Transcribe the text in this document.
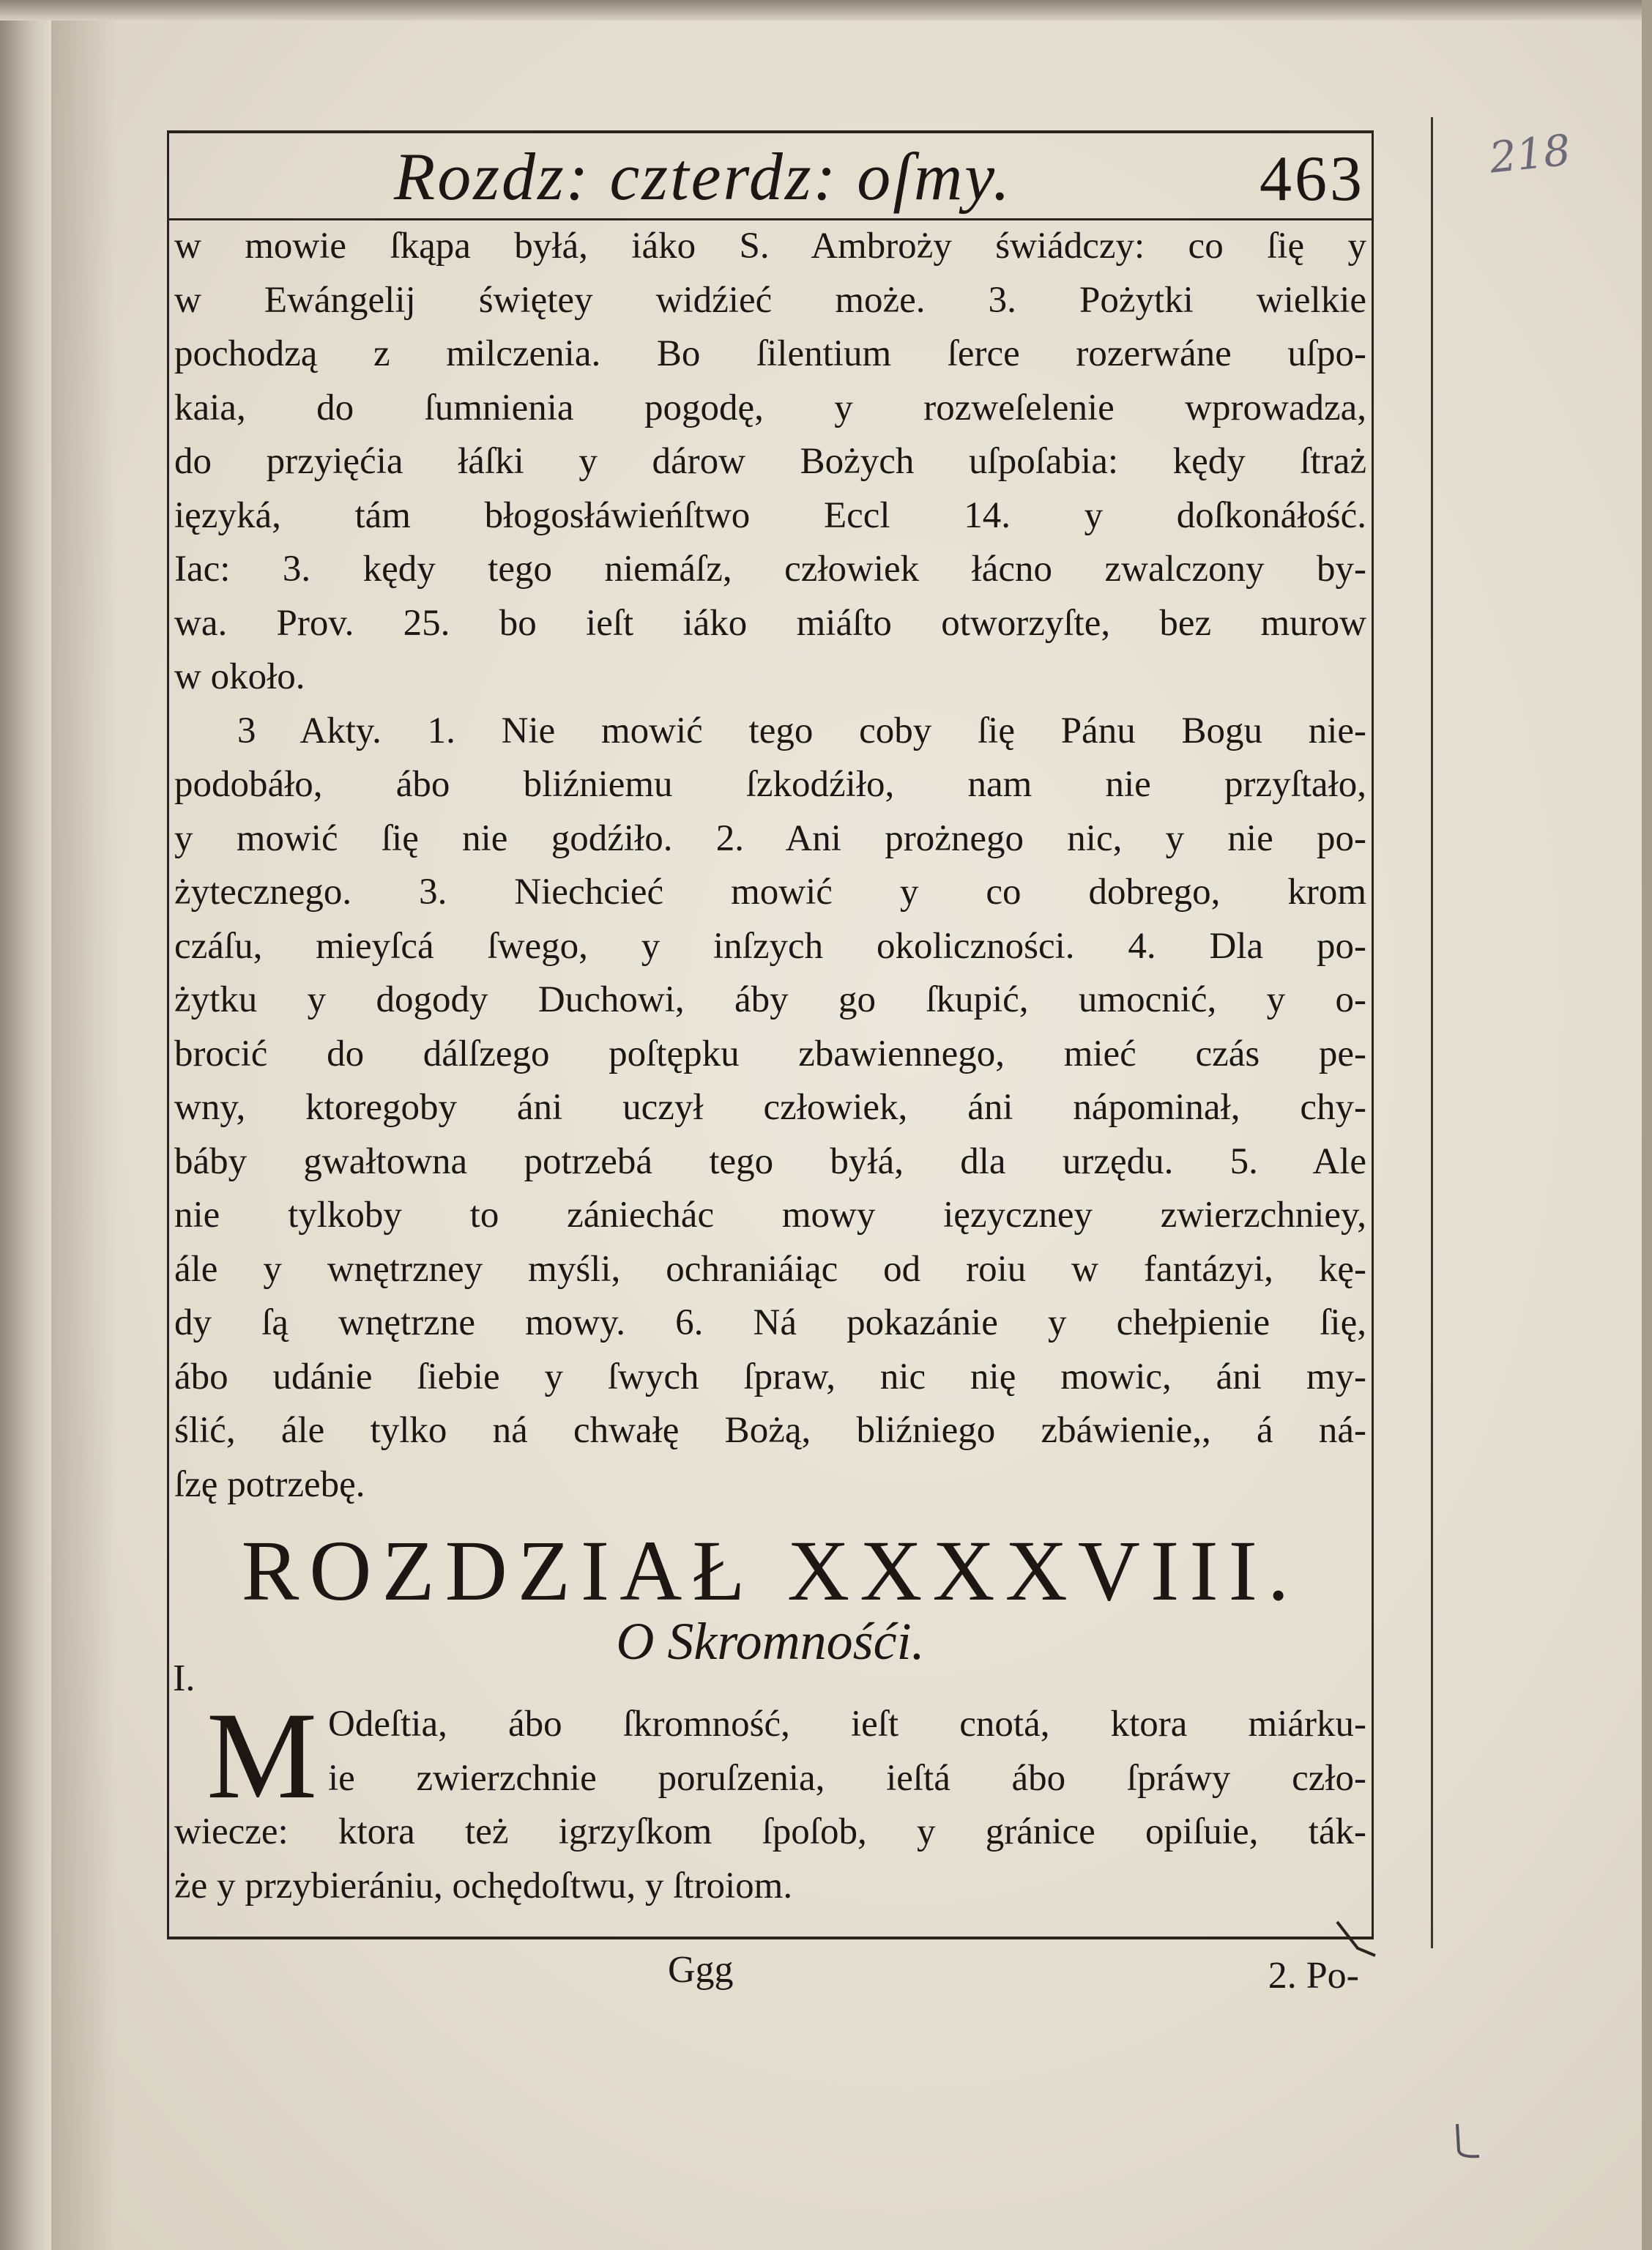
Rozdz: czterdz: oſmy.	463	218
w mowie ſkąpa byłá, iáko S. Ambroży świádczy: co ſię y
w Ewángelij świętey widźieć może. 3. Pożytki wielkie
pochodzą z milczenia. Bo ſilentium ſerce rozerwáne uſpo-
kaia, do ſumnienia pogodę, y rozweſelenie wprowadza,
do przyięćia łáſki y dárow Bożych uſpoſabia: kędy ſtraż
ięzyká, tám błogosłáwieńſtwo Eccl 14. y doſkonáłość.
Iac: 3. kędy tego niemáſz, człowiek łácno zwalczony by-
wa. Prov. 25. bo ieſt iáko miáſto otworzyſte, bez murow
w około.
3 Akty. 1. Nie mowić tego coby ſię Pánu Bogu nie-
podobáło, ábo bliźniemu ſzkodźiło, nam nie przyſtało,
y mowić ſię nie godźiło. 2. Ani prożnego nic, y nie po-
żytecznego. 3. Niechcieć mowić y co dobrego, krom
czáſu, mieyſcá ſwego, y inſzych okoliczności. 4. Dla po-
żytku y dogody Duchowi, áby go ſkupić, umocnić, y o-
brocić do dálſzego poſtępku zbawiennego, mieć czás pe-
wny, ktoregoby áni uczył człowiek, áni nápominał, chy-
báby gwałtowna potrzebá tego byłá, dla urzędu. 5. Ale
nie tylkoby to zániechác mowy ięzyczney zwierzchniey,
ále y wnętrzney myśli, ochraniáiąc od roiu w fantázyi, kę-
dy ſą wnętrzne mowy. 6. Ná pokazánie y chełpienie ſię,
ábo udánie ſiebie y ſwych ſpraw, nic nię mowic, áni my-
ślić, ále tylko ná chwałę Bożą, bliźniego zbáwienie,, á ná-
ſzę potrzebę.
ROZDZIAŁ XXXXVIII.
O Skromnośći.
I.
M Odeſtia, ábo ſkromność, ieſt cnotá, ktora miárku-
ie zwierzchnie poruſzenia, ieſtá ábo ſpráwy czło-
wiecze: ktora też igrzyſkom ſpoſob, y gránice opiſuie, ták-
że y przybierániu, ochędoſtwu, y ſtroiom.
Ggg	2. Po-
